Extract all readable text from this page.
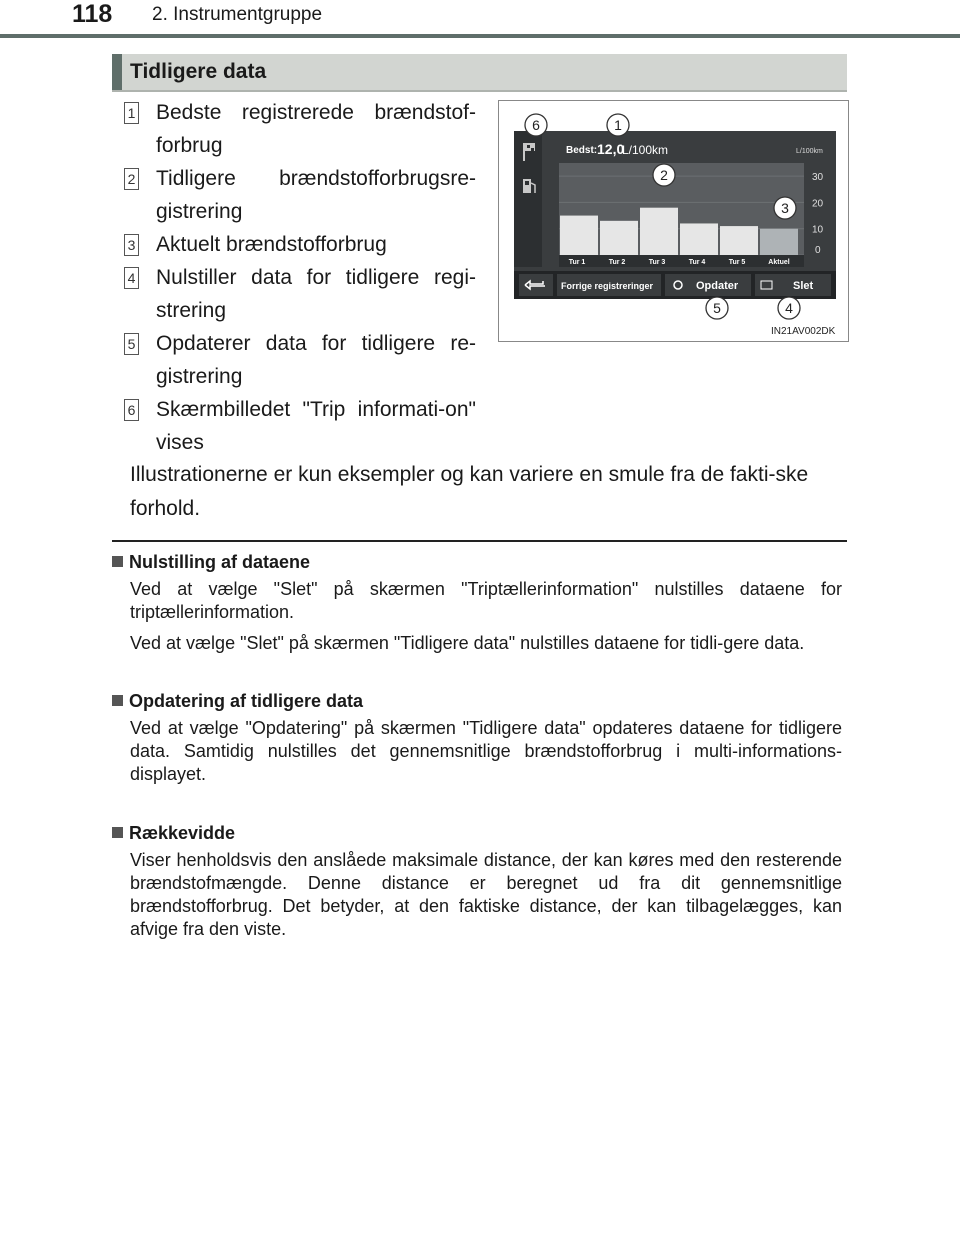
118 2. Instrumentgruppe
Tidligere data
1 Bedste registrerede brændstof-forbrug
2 Tidligere brændstofforbrugsre-gistrering
3 Aktuelt brændstofforbrug
4 Nulstiller data for tidligere regi-strering
5 Opdaterer data for tidligere re-gistrering
6 Skærmbilledet "Trip informati-on" vises
Bedst: 12,0
L/100km	L/100km
30
20
10
0
Tur 1	Tur 2	Tur 3	Tur 4	Tur 5	Aktuel
Forrige registreringer	Opdater	Slet
6	1
2
3
5	4
IN21AV002DK
Illustrationerne er kun eksempler og kan variere en smule fra de fakti-ske forhold.
Nulstilling af dataene

Ved at vælge "Slet" på skærmen "Triptællerinformation" nulstilles dataene for triptællerinformation.

Ved at vælge "Slet" på skærmen "Tidligere data" nulstilles dataene for tidli-gere data.

Opdatering af tidligere data

Ved at vælge "Opdatering" på skærmen "Tidligere data" opdateres dataene for tidligere data. Samtidig nulstilles det gennemsnitlige brændstofforbrug i multi-informations-displayet.

Rækkevidde

Viser henholdsvis den anslåede maksimale distance, der kan køres med den resterende brændstofmængde. Denne distance er beregnet ud fra dit gennemsnitlige brændstofforbrug. Det betyder, at den faktiske distance, der kan tilbagelægges, kan afvige fra den viste.
